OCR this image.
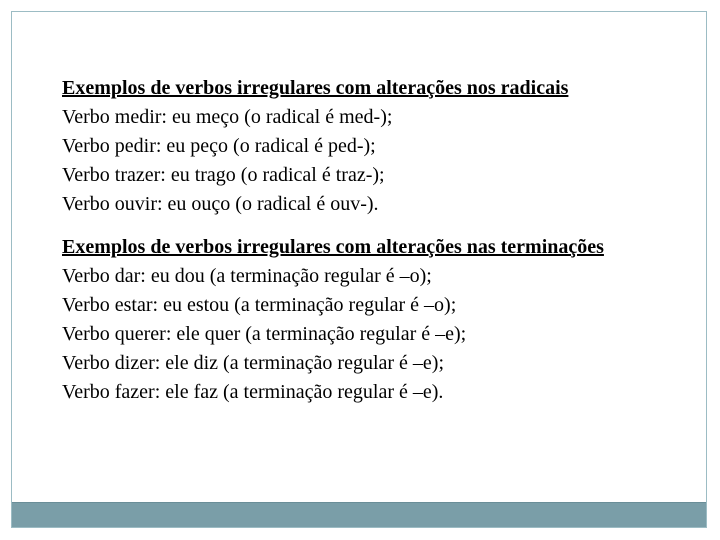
Exemplos de verbos irregulares com alterações nos radicais
Verbo medir: eu meço (o radical é med-);
Verbo pedir: eu peço (o radical é ped-);
Verbo trazer: eu trago (o radical é traz-);
Verbo ouvir: eu ouço (o radical é ouv-).
Exemplos de verbos irregulares com alterações nas terminações
Verbo dar: eu dou (a terminação regular é –o);
Verbo estar: eu estou (a terminação regular é –o);
Verbo querer: ele quer (a terminação regular é –e);
Verbo dizer: ele diz (a terminação regular é –e);
Verbo fazer: ele faz (a terminação regular é –e).
